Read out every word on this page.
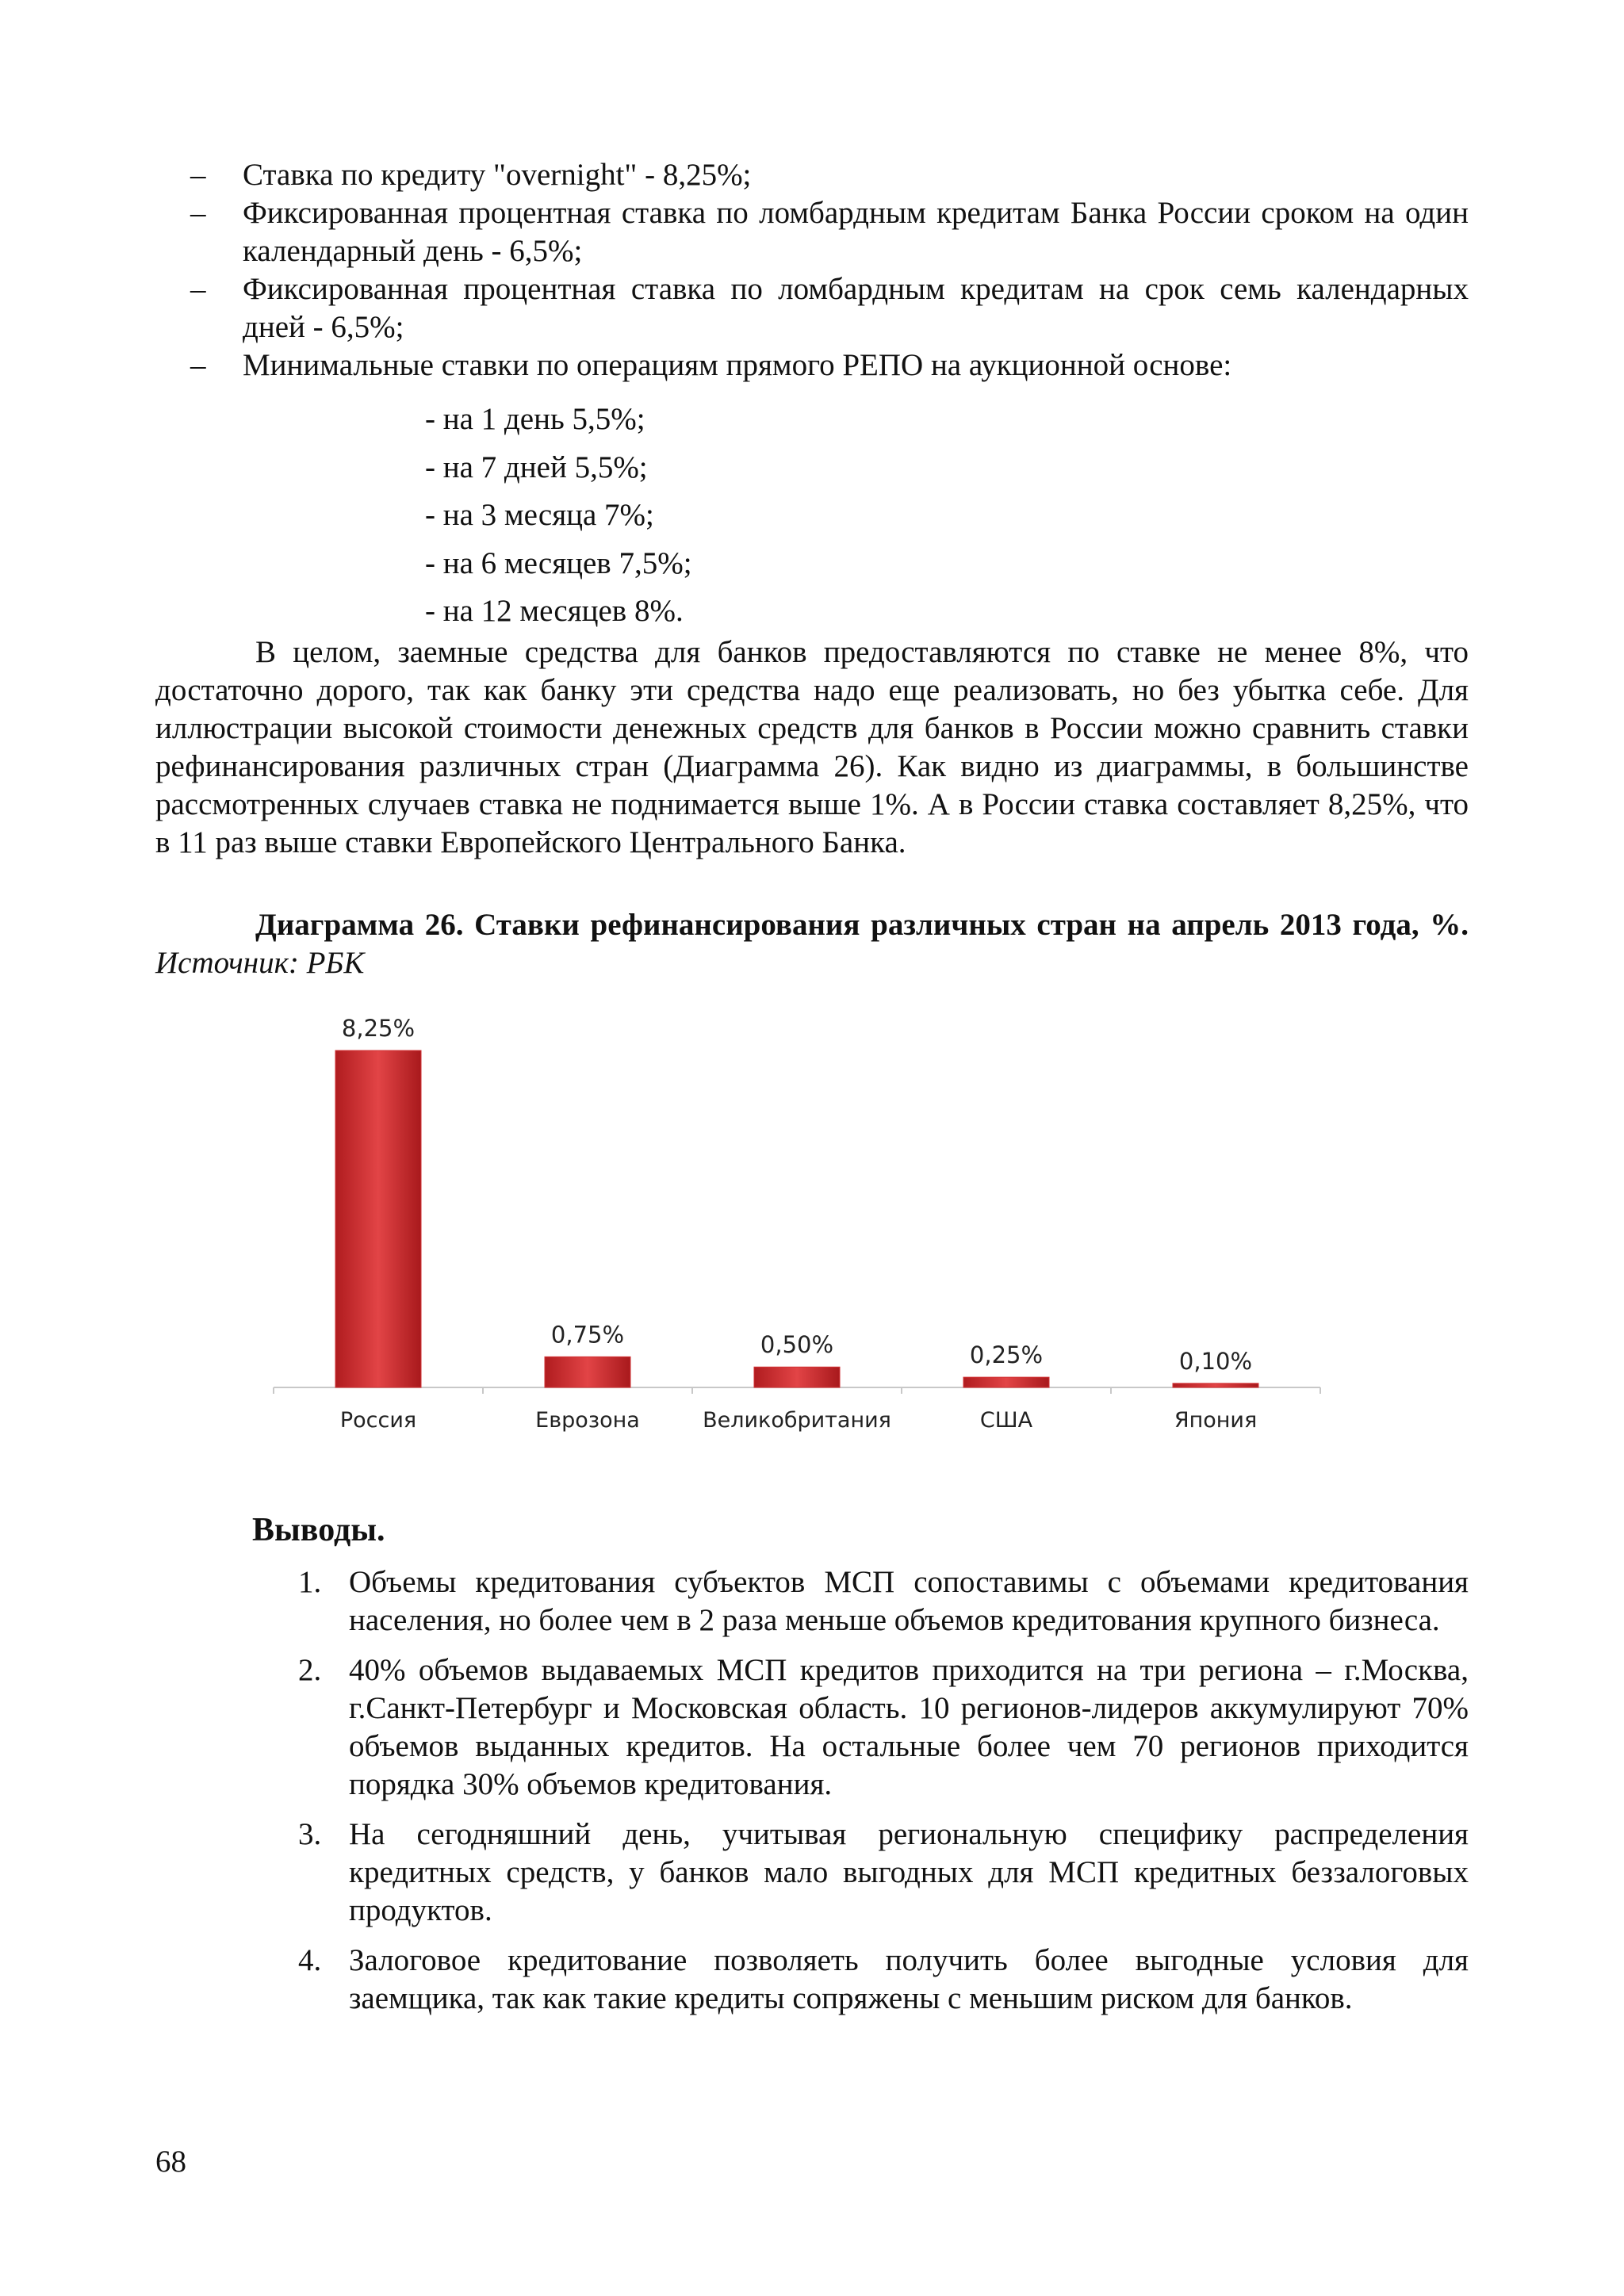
– Ставка по кредиту "overnight" - 8,25%;
– Фиксированная процентная ставка по ломбардным кредитам Банка России сроком на один календарный день - 6,5%;
– Фиксированная процентная ставка по ломбардным кредитам на срок семь календарных дней - 6,5%;
– Минимальные ставки по операциям прямого РЕПО на аукционной основе:
- на 1 день 5,5%;
- на 7 дней 5,5%;
- на 3 месяца 7%;
- на 6 месяцев 7,5%;
- на 12 месяцев 8%.

В целом, заемные средства для банков предоставляются по ставке не менее 8%, что достаточно дорого, так как банку эти средства надо еще реализовать, но без убытка себе. Для иллюстрации высокой стоимости денежных средств для банков в России можно сравнить ставки рефинансирования различных стран (Диаграмма 26). Как видно из диаграммы, в большинстве рассмотренных случаев ставка не поднимается выше 1%. А в России ставка составляет 8,25%, что в 11 раз выше ставки Европейского Центрального Банка.

Диаграмма 26. Ставки рефинансирования различных стран на апрель 2013 года, %. Источник: РБК

8,25%
Россия
0,75%
Еврозона
0,50%
Великобритания
0,25%
США
0,10%
Япония
Выводы.
1. Объемы кредитования субъектов МСП сопоставимы с объемами кредитования населения, но более чем в 2 раза меньше объемов кредитования крупного бизнеса.
2. 40% объемов выдаваемых МСП кредитов приходится на три региона – г.Москва, г.Санкт-Петербург и Московская область. 10 регионов-лидеров аккумулируют 70% объемов выданных кредитов. На остальные более чем 70 регионов приходится порядка 30% объемов кредитования.
3. На сегодняшний день, учитывая региональную специфику распределения кредитных средств, у банков мало выгодных для МСП кредитных беззалоговых продуктов.
4. Залоговое кредитование позволяеть получить более выгодные условия для заемщика, так как такие кредиты сопряжены с меньшим риском для банков.
68
